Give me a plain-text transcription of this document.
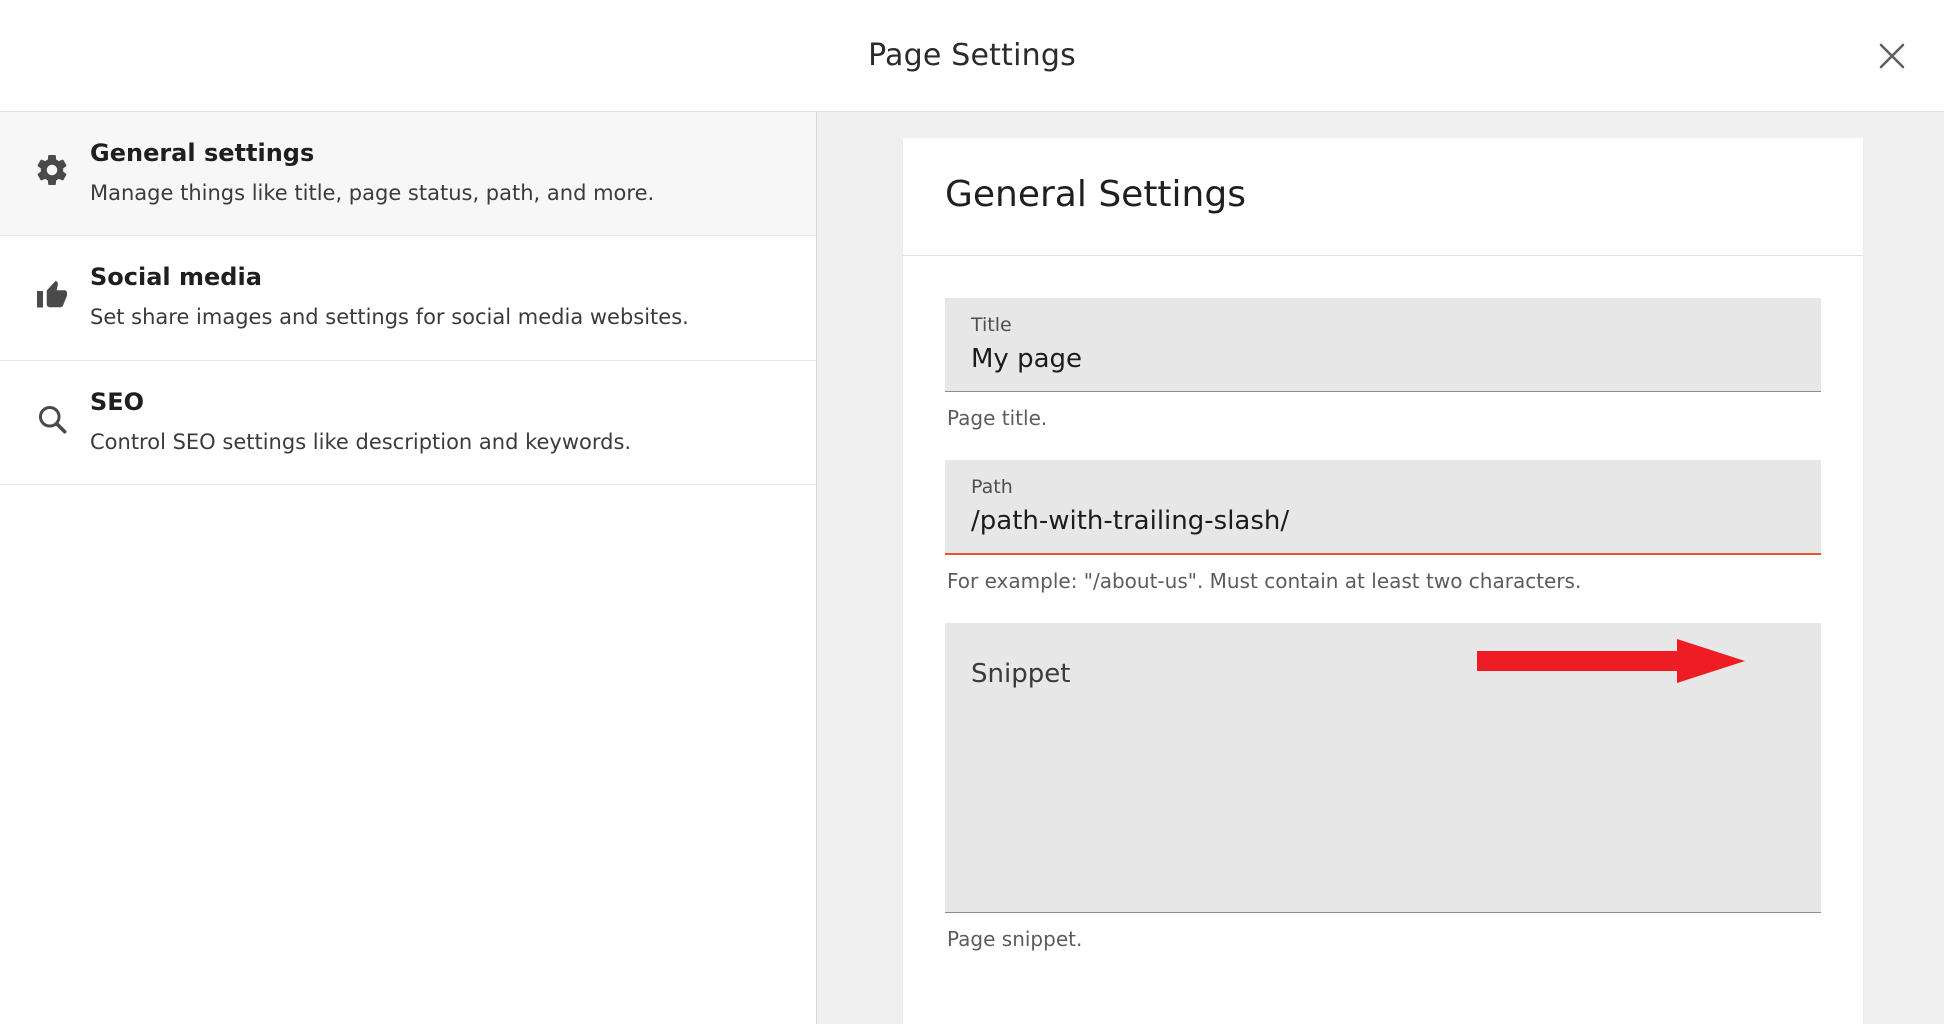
Page Settings
General settings
Manage things like title, page status, path, and more.
Social media
Set share images and settings for social media websites.
SEO
Control SEO settings like description and keywords.
General Settings
Title
My page
Page title.
Path
/path-with-trailing-slash/
For example: "/about-us". Must contain at least two characters.
Snippet
Page snippet.
